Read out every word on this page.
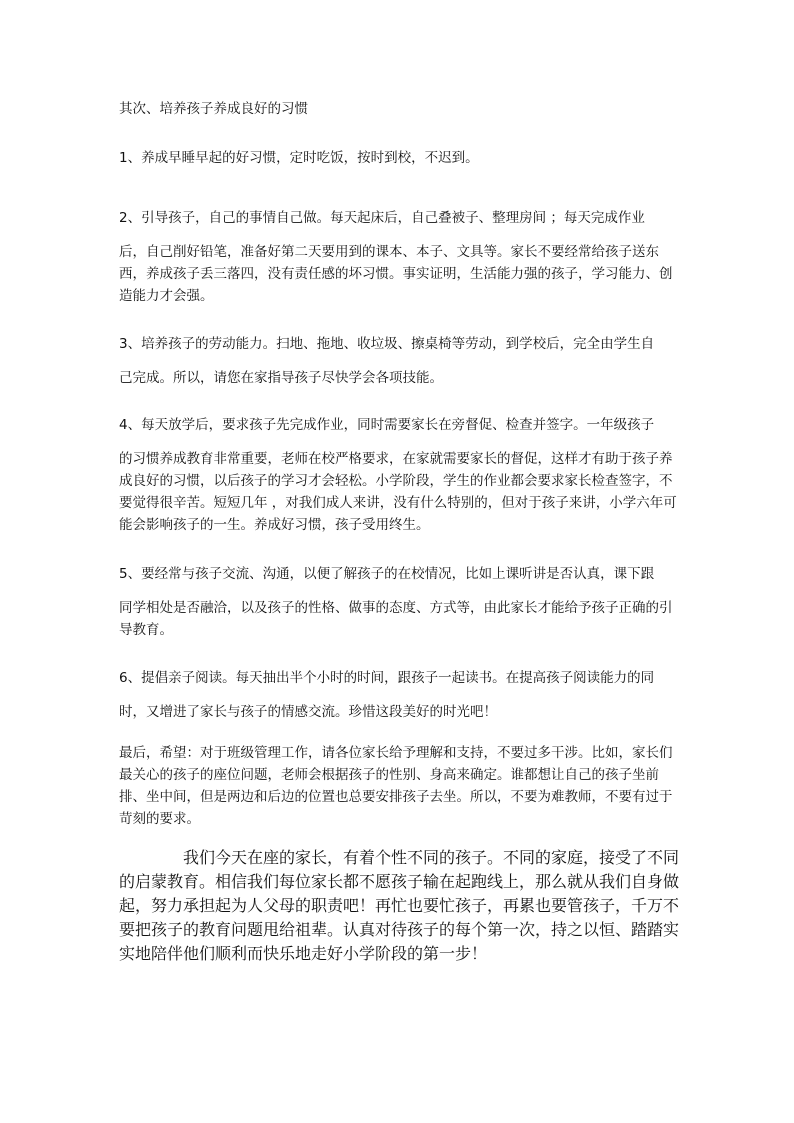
其次、培养孩子养成良好的习惯

1、养成早睡早起的好习惯，定时吃饭，按时到校，不迟到。

2、引导孩子，自己的事情自己做。每天起床后，自己叠被子、整理房间 ；每天完成作业
后，自己削好铅笔，准备好第二天要用到的课本、本子、文具等。家长不要经常给孩子送东西，养成孩子丢三落四，没有责任感的坏习惯。事实证明，生活能力强的孩子，学习能力、创造能力才会强。

3、培养孩子的劳动能力。扫地、拖地、收垃圾、擦桌椅等劳动，到学校后，完全由学生自
己完成。所以，请您在家指导孩子尽快学会各项技能。

4、每天放学后，要求孩子先完成作业，同时需要家长在旁督促、检查并签字。一年级孩子
的习惯养成教育非常重要，老师在校严格要求，在家就需要家长的督促，这样才有助于孩子养成良好的习惯，以后孩子的学习才会轻松。小学阶段，学生的作业都会要求家长检查签字，不要觉得很辛苦。短短几年 ，对我们成人来讲，没有什么特别的，但对于孩子来讲，小学六年可能会影响孩子的一生。养成好习惯，孩子受用终生。

5、要经常与孩子交流、沟通，以便了解孩子的在校情况，比如上课听讲是否认真，课下跟
同学相处是否融洽，以及孩子的性格、做事的态度、方式等，由此家长才能给予孩子正确的引导教育。

6、提倡亲子阅读。每天抽出半个小时的时间，跟孩子一起读书。在提高孩子阅读能力的同
时，又增进了家长与孩子的情感交流。珍惜这段美好的时光吧！

最后，希望：对于班级管理工作，请各位家长给予理解和支持，不要过多干涉。比如，家长们最关心的孩子的座位问题，老师会根据孩子的性别、身高来确定。谁都想让自己的孩子坐前排、坐中间，但是两边和后边的位置也总要安排孩子去坐。所以，不要为难教师，不要有过于苛刻的要求。

我们今天在座的家长，有着个性不同的孩子。不同的家庭，接受了不同的启蒙教育。相信我们每位家长都不愿孩子输在起跑线上，那么就从我们自身做起，努力承担起为人父母的职责吧！再忙也要忙孩子，再累也要管孩子，千万不要把孩子的教育问题甩给祖辈。认真对待孩子的每个第一次，持之以恒、踏踏实实地陪伴他们顺利而快乐地走好小学阶段的第一步！
